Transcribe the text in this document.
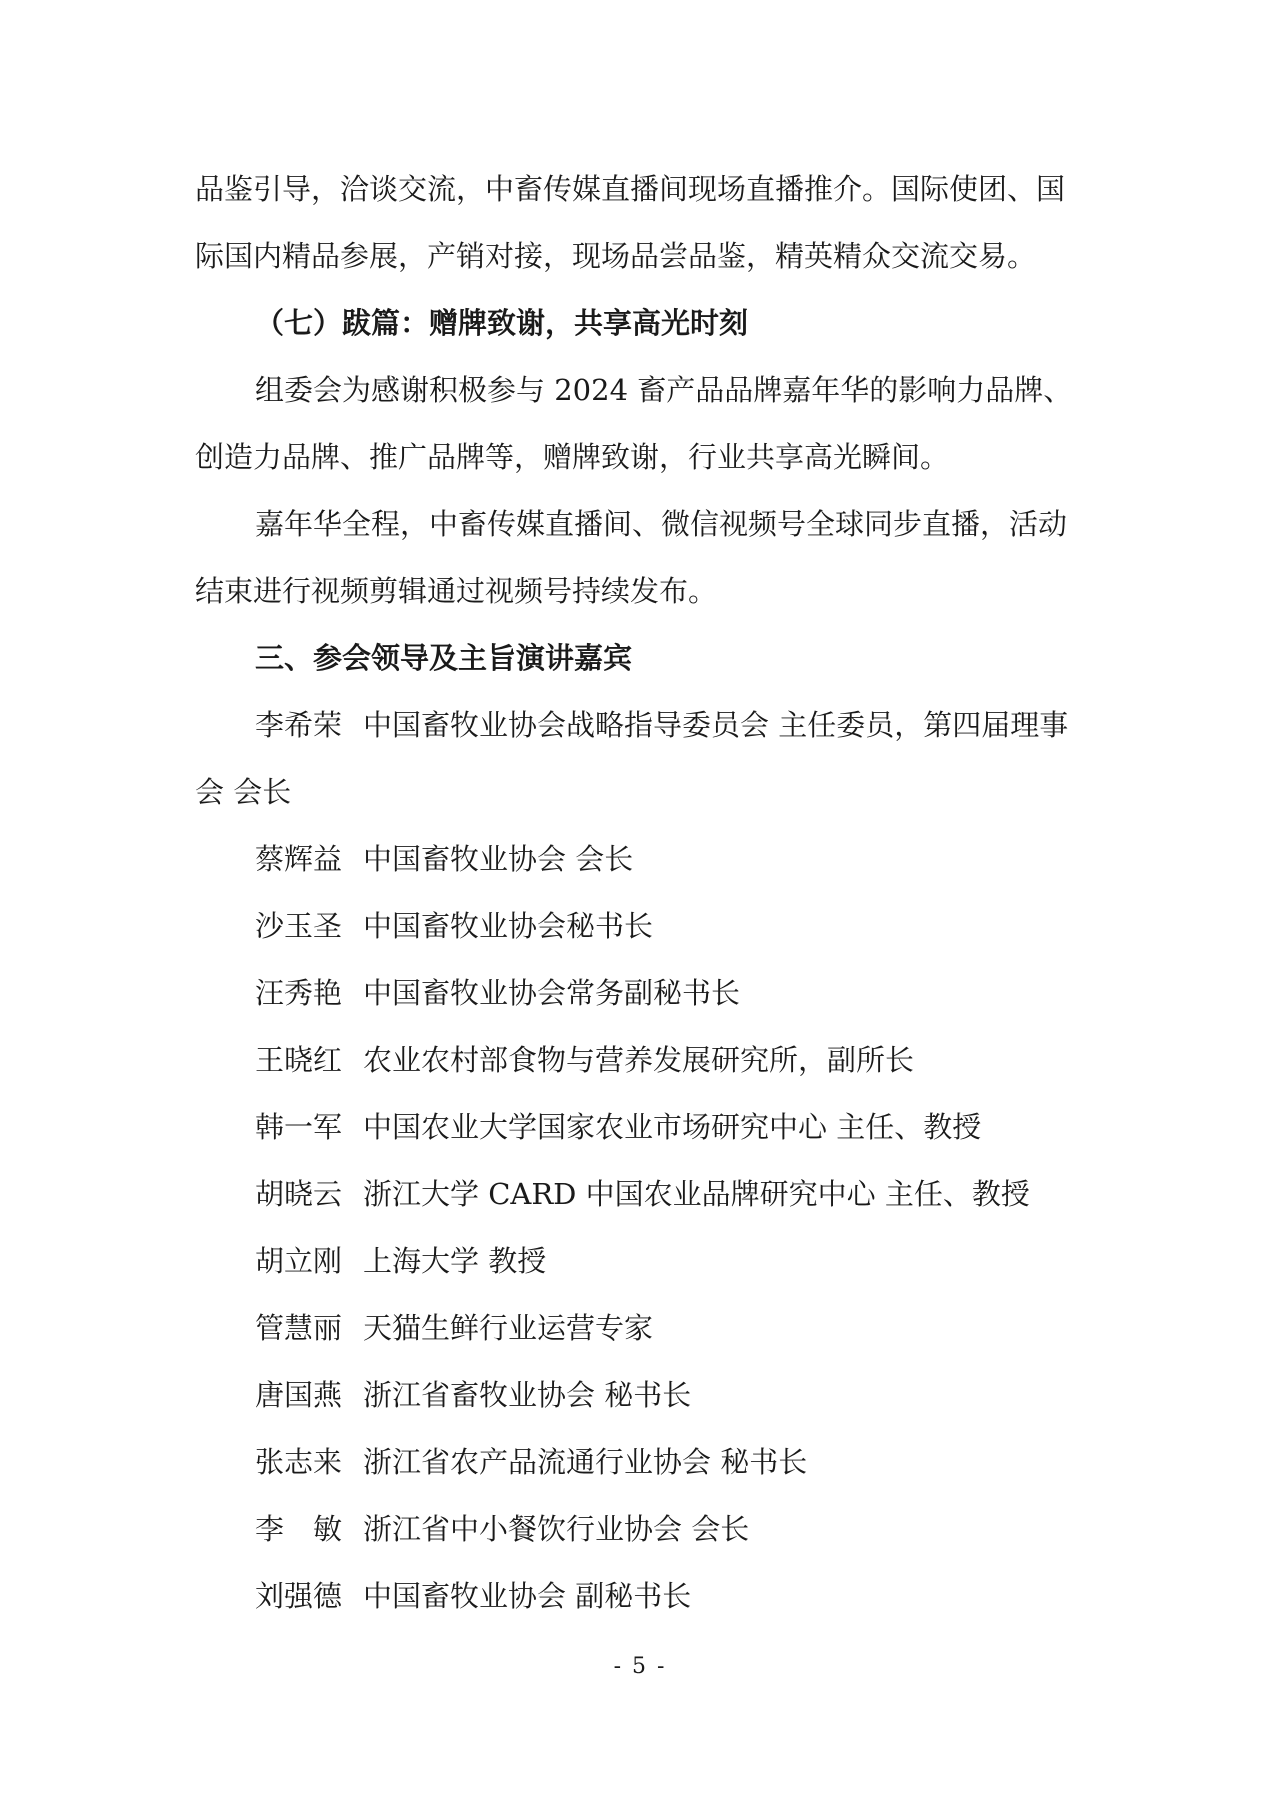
品鉴引导，洽谈交流，中畜传媒直播间现场直播推介。国际使团、国
际国内精品参展，产销对接，现场品尝品鉴，精英精众交流交易。
（七）跋篇：赠牌致谢，共享高光时刻
组委会为感谢积极参与 2024 畜产品品牌嘉年华的影响力品牌、
创造力品牌、推广品牌等，赠牌致谢，行业共享高光瞬间。
嘉年华全程，中畜传媒直播间、微信视频号全球同步直播，活动
结束进行视频剪辑通过视频号持续发布。
三、参会领导及主旨演讲嘉宾
李希荣 中国畜牧业协会战略指导委员会 主任委员，第四届理事
会 会长
蔡辉益 中国畜牧业协会 会长
沙玉圣 中国畜牧业协会秘书长
汪秀艳 中国畜牧业协会常务副秘书长
王晓红 农业农村部食物与营养发展研究所，副所长
韩一军 中国农业大学国家农业市场研究中心 主任、教授
胡晓云 浙江大学 CARD 中国农业品牌研究中心 主任、教授
胡立刚 上海大学 教授
管慧丽 天猫生鲜行业运营专家
唐国燕 浙江省畜牧业协会 秘书长
张志来 浙江省农产品流通行业协会 秘书长
李　敏 浙江省中小餐饮行业协会 会长
刘强德 中国畜牧业协会 副秘书长
- 5 -
